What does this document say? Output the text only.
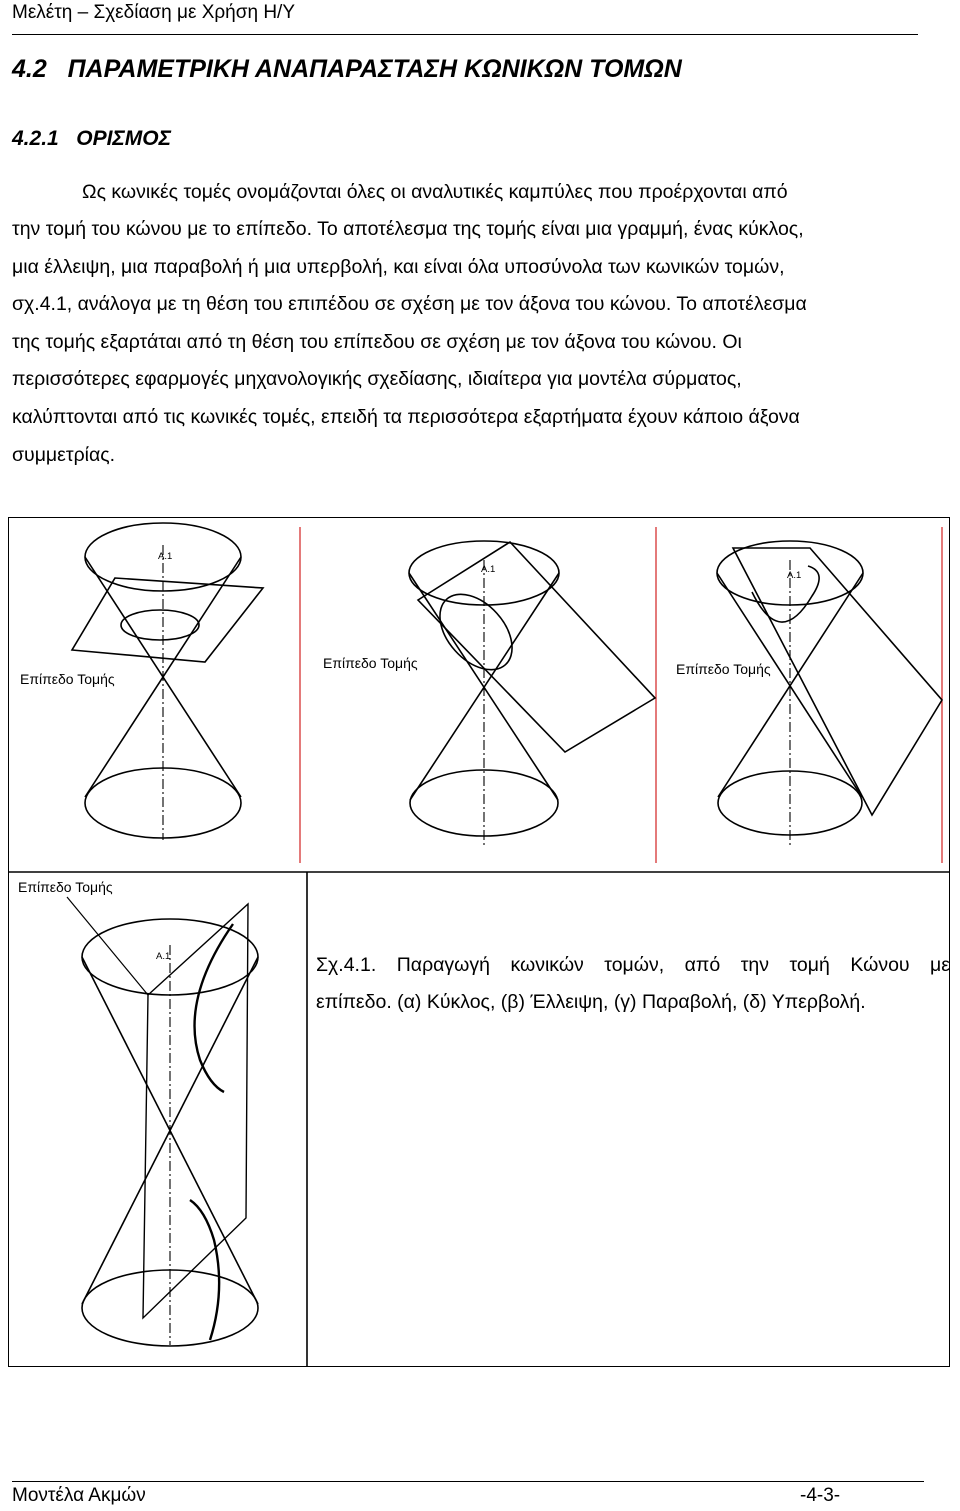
Μελέτη – Σχεδίαση με Χρήση Η/Υ
4.2 ΠΑΡΑΜΕΤΡΙΚΗ ΑΝΑΠΑΡΑΣΤΑΣΗ ΚΩΝΙΚΩΝ ΤΟΜΩΝ
4.2.1 ΟΡΙΣΜΟΣ
Ως κωνικές τομές ονομάζονται όλες οι αναλυτικές καμπύλες που προέρχονται από
την τομή του κώνου με το επίπεδο. Το αποτέλεσμα της τομής είναι μια γραμμή, ένας κύκλος,
μια έλλειψη, μια παραβολή ή μια υπερβολή, και είναι όλα υποσύνολα των κωνικών τομών,
σχ.4.1, ανάλογα με τη θέση του επιπέδου σε σχέση με τον άξονα του κώνου. Το αποτέλεσμα
της τομής εξαρτάται από τη θέση του επίπεδου σε σχέση με τον άξονα του κώνου. Οι
περισσότερες εφαρμογές μηχανολογικής σχεδίασης, ιδιαίτερα για μοντέλα σύρματος,
καλύπτονται από τις κωνικές τομές, επειδή τα περισσότερα εξαρτήματα έχουν κάποιο άξονα
συμμετρίας.
A.1
A.1
A.1
A.1
Επίπεδο Τομής
Επίπεδο Τομής	Επίπεδο Τομής
Επίπεδο Τομής
Σχ.4.1. Παραγωγή κωνικών τομών, από την τομή Κώνου με
επίπεδο. (α) Κύκλος, (β) Έλλειψη, (γ) Παραβολή, (δ) Υπερβολή.
Μοντέλα Ακμών	-4-3-
